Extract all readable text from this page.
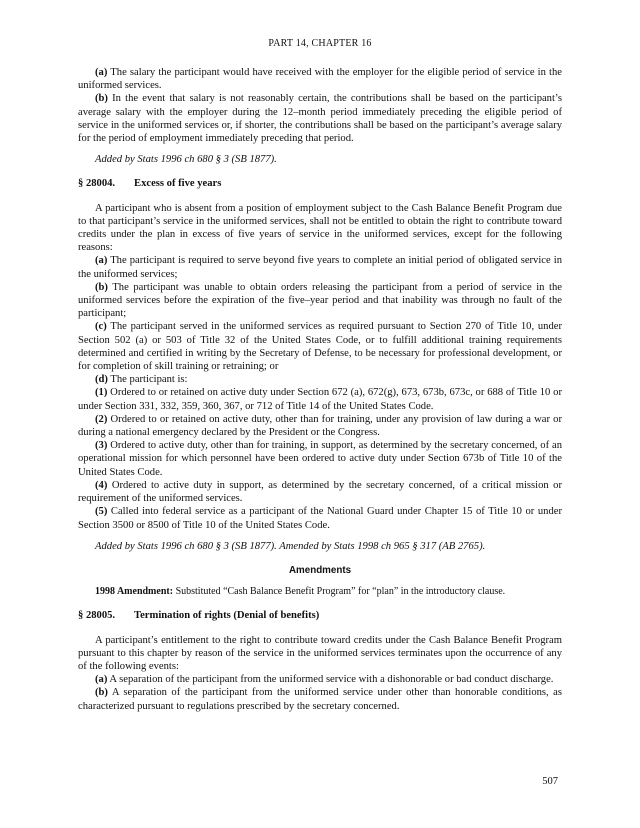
PART 14, CHAPTER 16

(a) The salary the participant would have received with the employer for the eligible period of service in the uniformed services.

(b) In the event that salary is not reasonably certain, the contributions shall be based on the participant’s average salary with the employer during the 12–month period immediately preceding the eligible period of service in the uniformed services or, if shorter, the contributions shall be based on the participant’s average salary for the period of employment immediately preceding that period.

Added by Stats 1996 ch 680 § 3 (SB 1877).

§ 28004.	Excess of five years

A participant who is absent from a position of employment subject to the Cash Balance Benefit Program due to that participant’s service in the uniformed services, shall not be entitled to obtain the right to contribute toward credits under the plan in excess of five years of service in the uniformed services, except for the following reasons:

(a) The participant is required to serve beyond five years to complete an initial period of obligated service in the uniformed services;

(b) The participant was unable to obtain orders releasing the participant from a period of service in the uniformed services before the expiration of the five–year period and that inability was through no fault of the participant;

(c) The participant served in the uniformed services as required pursuant to Section 270 of Title 10, under Section 502 (a) or 503 of Title 32 of the United States Code, or to fulfill additional training requirements determined and certified in writing by the Secretary of Defense, to be necessary for professional development, or for completion of skill training or retraining; or

(d) The participant is:

(1) Ordered to or retained on active duty under Section 672 (a), 672(g), 673, 673b, 673c, or 688 of Title 10 or under Section 331, 332, 359, 360, 367, or 712 of Title 14 of the United States Code.

(2) Ordered to or retained on active duty, other than for training, under any provision of law during a war or during a national emergency declared by the President or the Congress.

(3) Ordered to active duty, other than for training, in support, as determined by the secretary concerned, of an operational mission for which personnel have been ordered to active duty under Section 673b of Title 10 of the United States Code.

(4) Ordered to active duty in support, as determined by the secretary concerned, of a critical mission or requirement of the uniformed services.

(5) Called into federal service as a participant of the National Guard under Chapter 15 of Title 10 or under Section 3500 or 8500 of Title 10 of the United States Code.

Added by Stats 1996 ch 680 § 3 (SB 1877). Amended by Stats 1998 ch 965 § 317 (AB 2765).

Amendments

1998 Amendment: Substituted “Cash Balance Benefit Program” for “plan” in the introductory clause.

§ 28005.	Termination of rights (Denial of benefits)

A participant’s entitlement to the right to contribute toward credits under the Cash Balance Benefit Program pursuant to this chapter by reason of the service in the uniformed services terminates upon the occurrence of any of the following events:

(a) A separation of the participant from the uniformed service with a dishonorable or bad conduct discharge.

(b) A separation of the participant from the uniformed service under other than honorable conditions, as characterized pursuant to regulations prescribed by the secretary concerned.

507
